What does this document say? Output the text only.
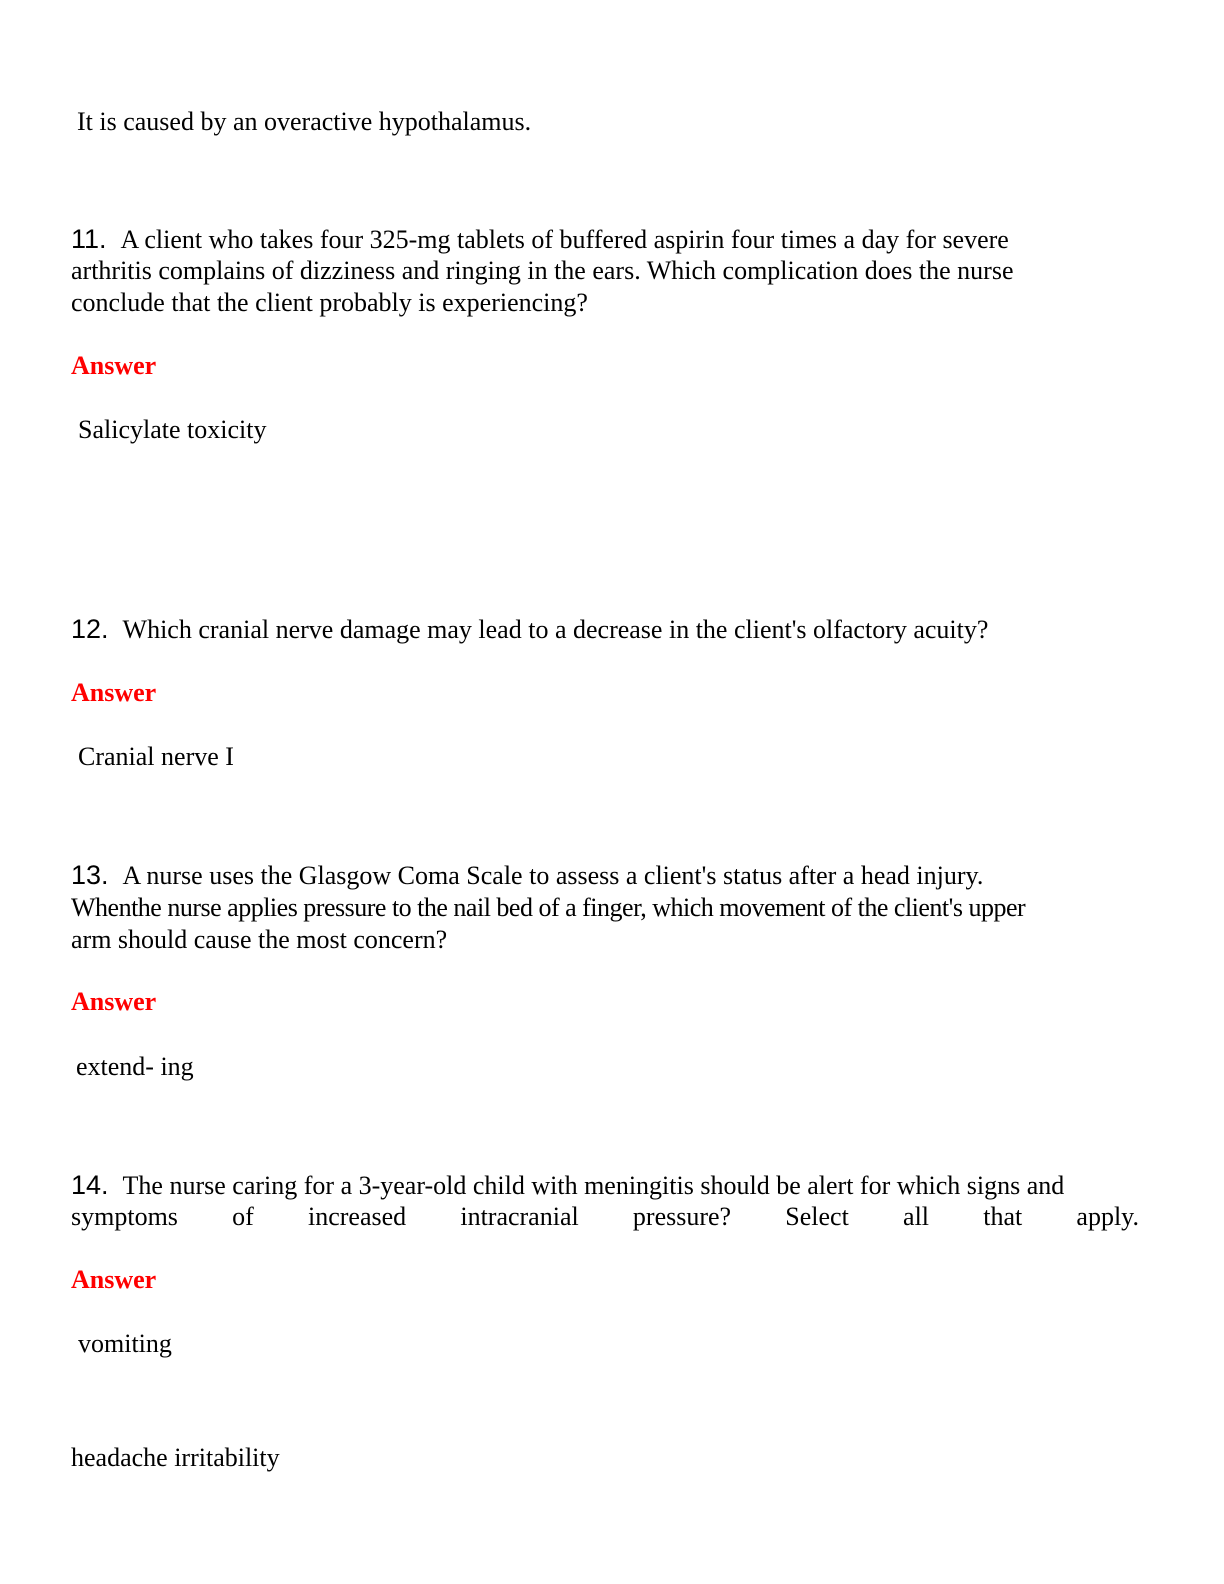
It is caused by an overactive hypothalamus.
11. A client who takes four 325-mg tablets of buffered aspirin four times a day for severe
arthritis complains of dizziness and ringing in the ears. Which complication does the nurse
conclude that the client probably is experiencing?
Answer
Salicylate toxicity
12. Which cranial nerve damage may lead to a decrease in the client's olfactory acuity?
Answer
Cranial nerve I
13. A nurse uses the Glasgow Coma Scale to assess a client's status after a head injury.
Whenthe nurse applies pressure to the nail bed of a finger, which movement of the client's upper
arm should cause the most concern?
Answer
extend- ing
14. The nurse caring for a 3-year-old child with meningitis should be alert for which signs and
symptoms of increased intracranial pressure? Select all that apply.
Answer
vomiting
headache irritability
